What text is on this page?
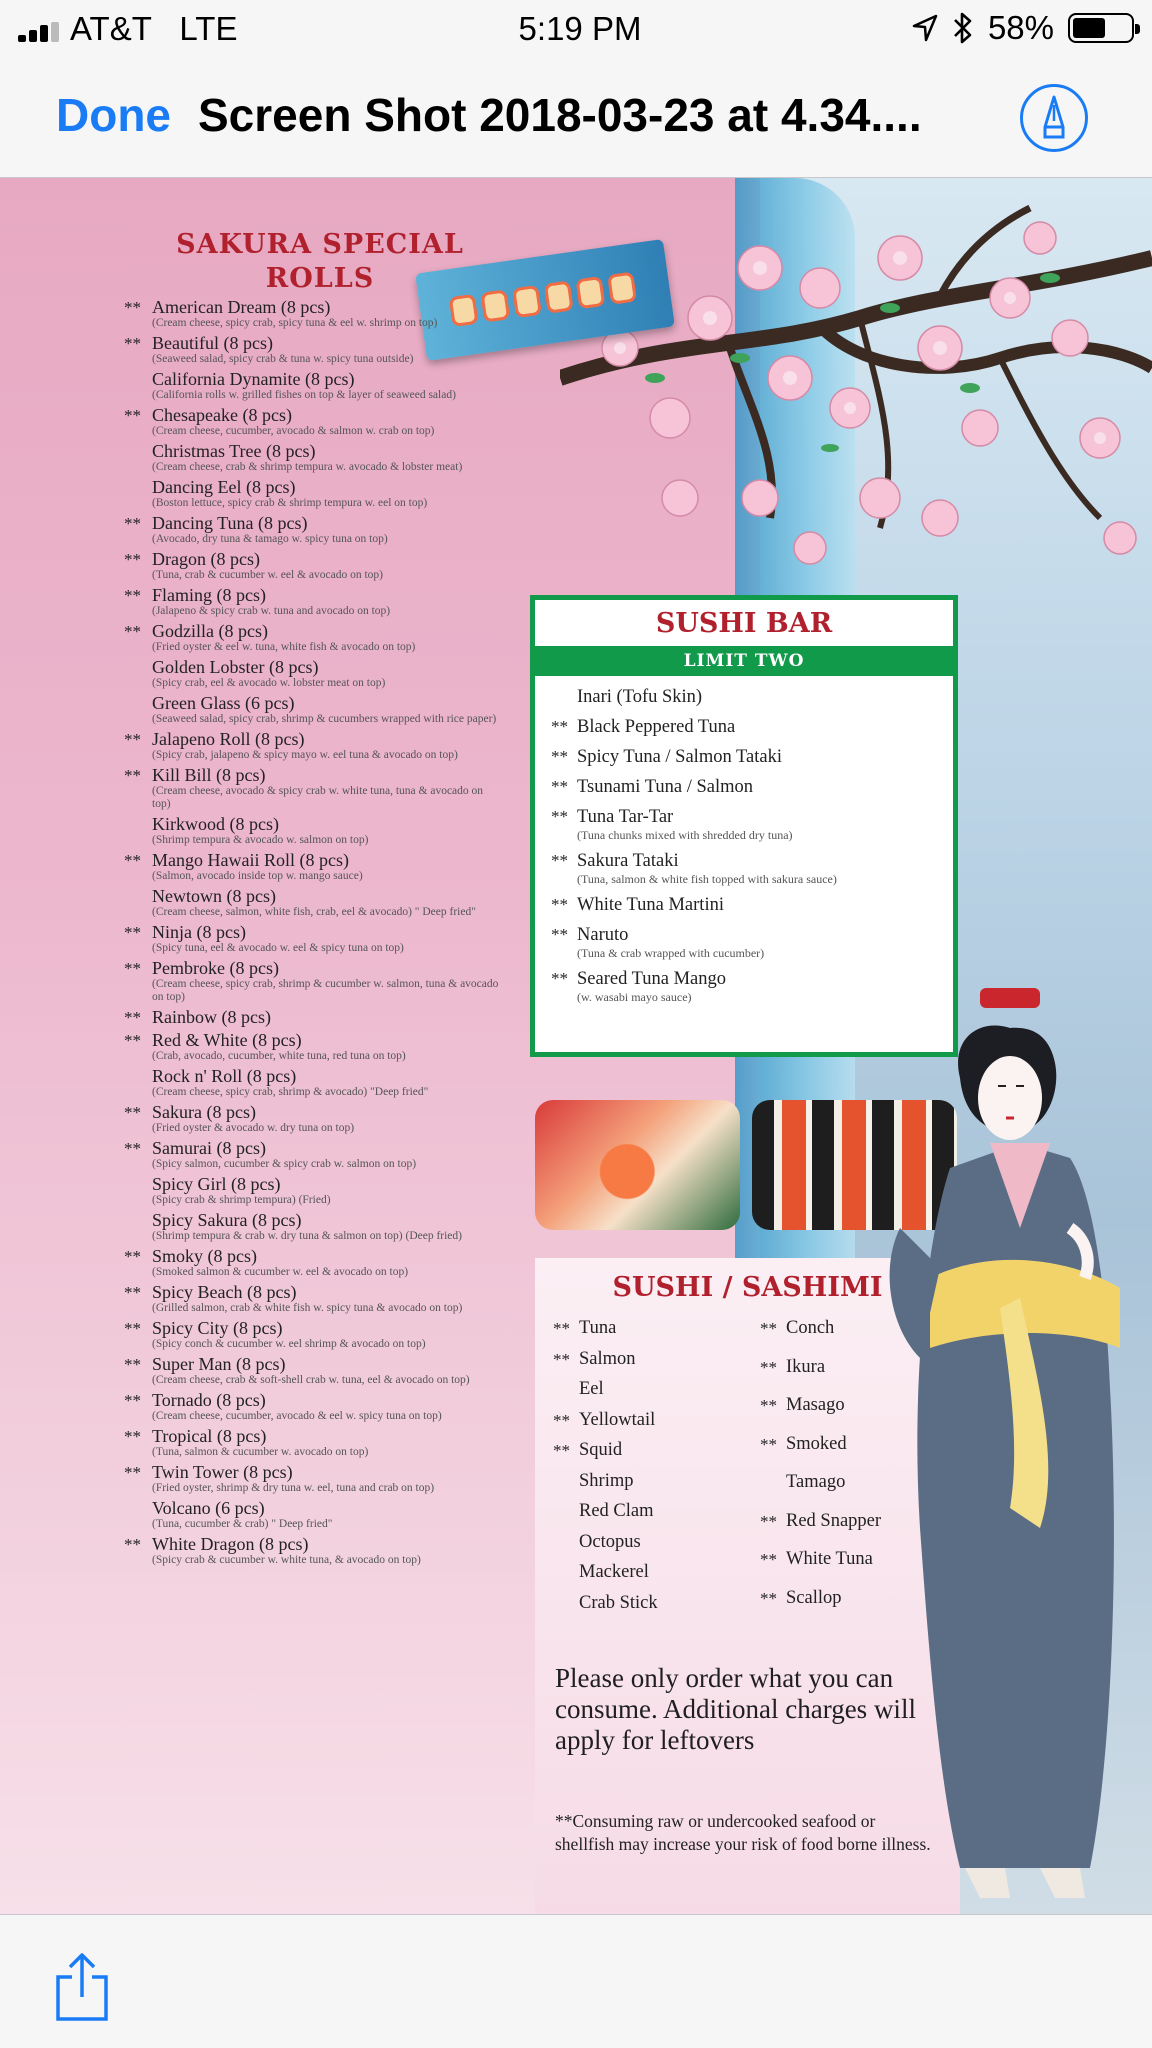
AT&T LTE	5:19 PM	58%
Done Screen Shot 2018-03-23 at 4.34....
SAKURA SPECIAL
ROLLS
** American Dream (8 pcs)
(Cream cheese, spicy crab, spicy tuna & eel w. shrimp on top)
** Beautiful (8 pcs)
(Seaweed salad, spicy crab & tuna w. spicy tuna outside)
California Dynamite (8 pcs)
(California rolls w. grilled fishes on top & layer of seaweed salad)
** Chesapeake (8 pcs)
(Cream cheese, cucumber, avocado & salmon w. crab on top)
Christmas Tree (8 pcs)
(Cream cheese, crab & shrimp tempura w. avocado & lobster meat)
Dancing Eel (8 pcs)
(Boston lettuce, spicy crab & shrimp tempura w. eel on top)
** Dancing Tuna (8 pcs)
(Avocado, dry tuna & tamago w. spicy tuna on top)
** Dragon (8 pcs)
(Tuna, crab & cucumber w. eel & avocado on top)
** Flaming (8 pcs)
(Jalapeno & spicy crab w. tuna and avocado on top)
** Godzilla (8 pcs)
(Fried oyster & eel w. tuna, white fish & avocado on top)
Golden Lobster (8 pcs)
(Spicy crab, eel & avocado w. lobster meat on top)
Green Glass (6 pcs)
(Seaweed salad, spicy crab, shrimp & cucumbers wrapped with rice paper)
** Jalapeno Roll (8 pcs)
(Spicy crab, jalapeno & spicy mayo w. eel tuna & avocado on top)
** Kill Bill (8 pcs)
(Cream cheese, avocado & spicy crab w. white tuna, tuna & avocado on top)
Kirkwood (8 pcs)
(Shrimp tempura & avocado w. salmon on top)
** Mango Hawaii Roll (8 pcs)
(Salmon, avocado inside top w. mango sauce)
Newtown (8 pcs)
(Cream cheese, salmon, white fish, crab, eel & avocado) " Deep fried"
** Ninja (8 pcs)
(Spicy tuna, eel & avocado w. eel & spicy tuna on top)
** Pembroke (8 pcs)
(Cream cheese, spicy crab, shrimp & cucumber w. salmon, tuna & avocado on top)
** Rainbow (8 pcs)
** Red & White (8 pcs)
(Crab, avocado, cucumber, white tuna, red tuna on top)
Rock n' Roll (8 pcs)
(Cream cheese, spicy crab, shrimp & avocado) "Deep fried"
** Sakura (8 pcs)
(Fried oyster & avocado w. dry tuna on top)
** Samurai (8 pcs)
(Spicy salmon, cucumber & spicy crab w. salmon on top)
Spicy Girl (8 pcs)
(Spicy crab & shrimp tempura) (Fried)
Spicy Sakura (8 pcs)
(Shrimp tempura & crab w. dry tuna & salmon on top) (Deep fried)
** Smoky (8 pcs)
(Smoked salmon & cucumber w. eel & avocado on top)
** Spicy Beach (8 pcs)
(Grilled salmon, crab & white fish w. spicy tuna & avocado on top)
** Spicy City (8 pcs)
(Spicy conch & cucumber w. eel shrimp & avocado on top)
** Super Man (8 pcs)
(Cream cheese, crab & soft-shell crab w. tuna, eel & avocado on top)
** Tornado (8 pcs)
(Cream cheese, cucumber, avocado & eel w. spicy tuna on top)
** Tropical (8 pcs)
(Tuna, salmon & cucumber w. avocado on top)
** Twin Tower (8 pcs)
(Fried oyster, shrimp & dry tuna w. eel, tuna and crab on top)
Volcano (6 pcs)
(Tuna, cucumber & crab) " Deep fried"
** White Dragon (8 pcs)
(Spicy crab & cucumber w. white tuna, & avocado on top)
SUSHI BAR
LIMIT TWO
Inari (Tofu Skin)
** Black Peppered Tuna
** Spicy Tuna / Salmon Tataki
** Tsunami Tuna / Salmon
** Tuna Tar-Tar
(Tuna chunks mixed with shredded dry tuna)
** Sakura Tataki
(Tuna, salmon & white fish topped with sakura sauce)
** White Tuna Martini
** Naruto
(Tuna & crab wrapped with cucumber)
** Seared Tuna Mango
(w. wasabi mayo sauce)
SUSHI / SASHIMI
** Tuna
** Salmon
Eel
** Yellowtail
** Squid
Shrimp
Red Clam
Octopus
Mackerel
Crab Stick
** Conch
** Ikura
** Masago
** Smoked
Tamago
** Red Snapper
** White Tuna
** Scallop
Please only order what you can consume. Additional charges will apply for leftovers
**Consuming raw or undercooked seafood or shellfish may increase your risk of food borne illness.
